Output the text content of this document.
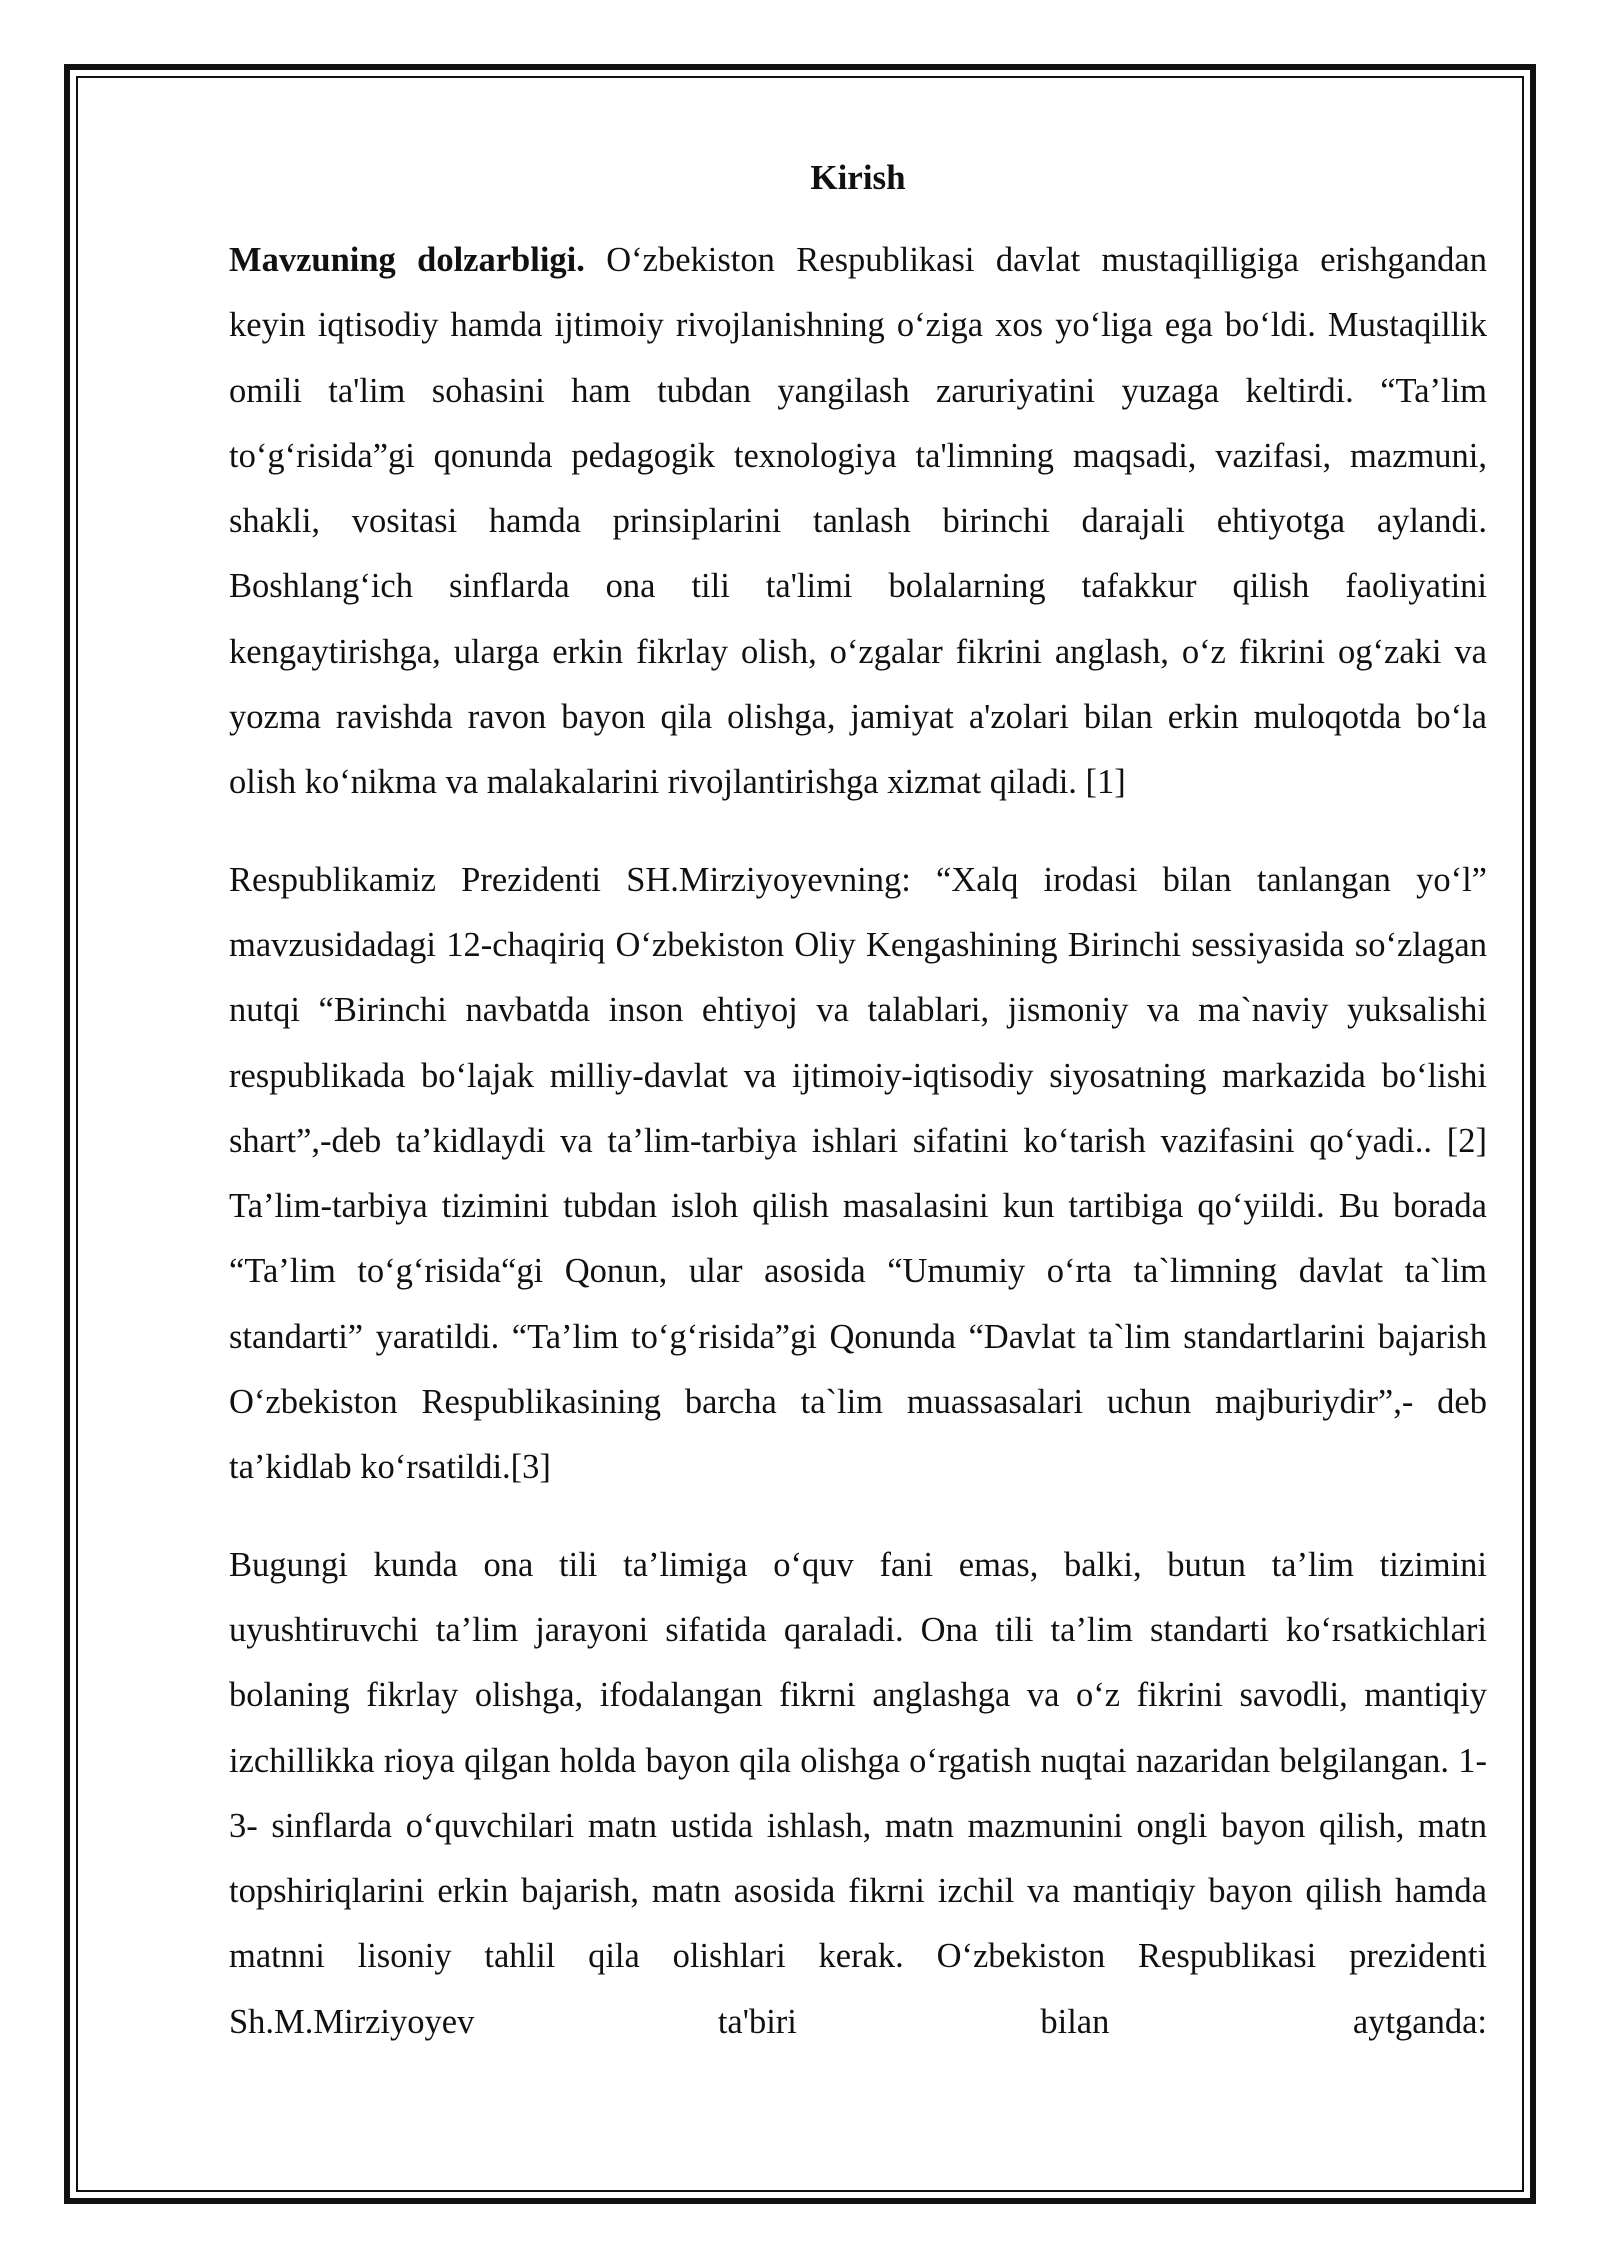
Kirish

Mavzuning dolzarbligi. O‘zbekiston Respublikasi davlat mustaqilligiga erishgandan keyin iqtisodiy hamda ijtimoiy rivojlanishning o‘ziga xos yo‘liga ega bo‘ldi. Mustaqillik omili ta'lim sohasini ham tubdan yangilash zaruriyatini yuzaga keltirdi. “Ta’lim to‘g‘risida”gi qonunda pedagogik texnologiya ta'limning maqsadi, vazifasi, mazmuni, shakli, vositasi hamda prinsiplarini tanlash birinchi darajali ehtiyotga aylandi. Boshlang‘ich sinflarda ona tili ta'limi bolalarning tafakkur qilish faoliyatini kengaytirishga, ularga erkin fikrlay olish, o‘zgalar fikrini anglash, o‘z fikrini og‘zaki va yozma ravishda ravon bayon qila olishga, jamiyat a'zolari bilan erkin muloqotda bo‘la olish ko‘nikma va malakalarini rivojlantirishga xizmat qiladi. [1]

Respublikamiz Prezidenti SH.Mirziyoyevning: “Xalq irodasi bilan tanlangan yo‘l” mavzusidadagi 12-chaqiriq O‘zbekiston Oliy Kengashining Birinchi sessiyasida so‘zlagan nutqi “Birinchi navbatda inson ehtiyoj va talablari, jismoniy va ma`naviy yuksalishi respublikada bo‘lajak milliy-davlat va ijtimoiy-iqtisodiy siyosatning markazida bo‘lishi shart”,-deb ta’kidlaydi va ta’lim-tarbiya ishlari sifatini ko‘tarish vazifasini qo‘yadi.. [2] Ta’lim-tarbiya tizimini tubdan isloh qilish masalasini kun tartibiga qo‘yiildi. Bu borada “Ta’lim to‘g‘risida“gi Qonun, ular asosida “Umumiy o‘rta ta`limning davlat ta`lim standarti” yaratildi. “Ta’lim to‘g‘risida”gi Qonunda “Davlat ta`lim standartlarini bajarish O‘zbekiston Respublikasining barcha ta`lim muassasalari uchun majburiydir”,- deb ta’kidlab ko‘rsatildi.[3]

Bugungi kunda ona tili ta’limiga o‘quv fani emas, balki, butun ta’lim tizimini uyushtiruvchi ta’lim jarayoni sifatida qaraladi. Ona tili ta’lim standarti ko‘rsatkichlari bolaning fikrlay olishga, ifodalangan fikrni anglashga va o‘z fikrini savodli, mantiqiy izchillikka rioya qilgan holda bayon qila olishga o‘rgatish nuqtai nazaridan belgilangan. 1-3- sinflarda o‘quvchilari matn ustida ishlash, matn mazmunini ongli bayon qilish, matn topshiriqlarini erkin bajarish, matn asosida fikrni izchil va mantiqiy bayon qilish hamda matnni lisoniy tahlil qila olishlari kerak. O‘zbekiston Respublikasi prezidenti Sh.M.Mirziyoyev ta'biri bilan aytganda:
